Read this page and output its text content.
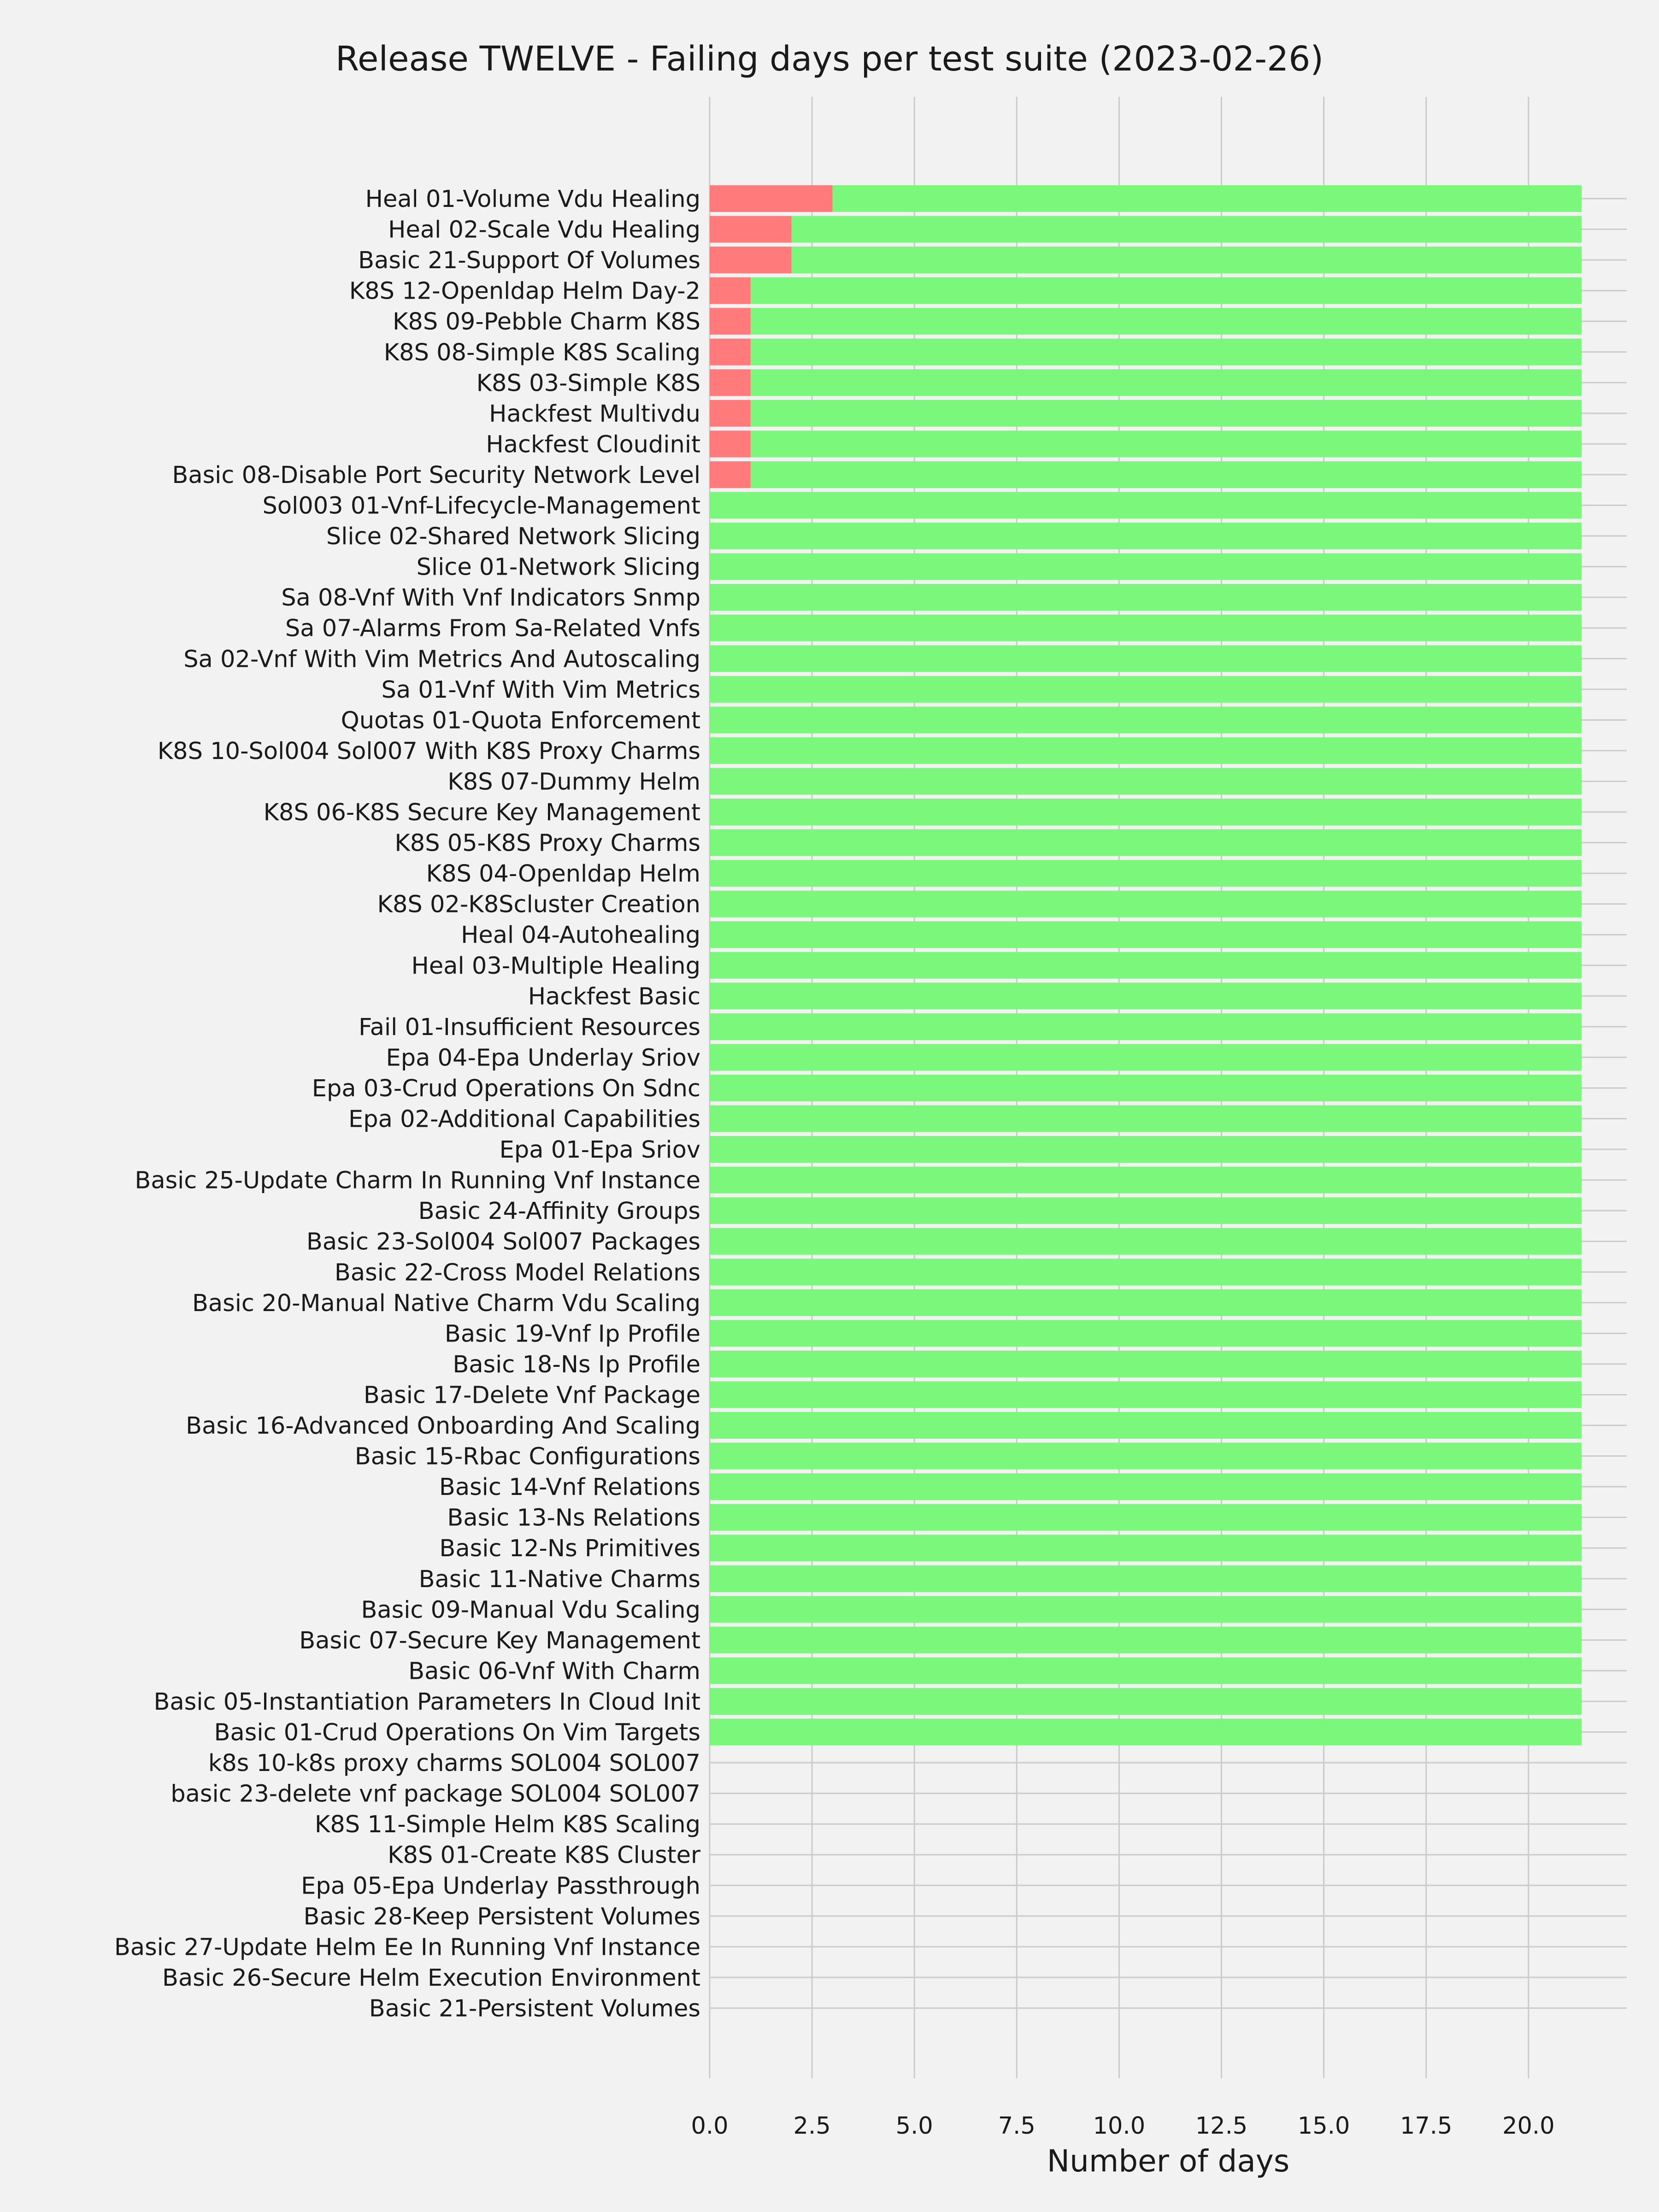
0.0	2.5	5.0	7.5 10.0 12.5 15.0 17.5 20.0
Heal 01-Volume Vdu Healing
Heal 02-Scale Vdu Healing
Basic 21-Support Of Volumes
K8S 12-Openldap Helm Day-2
K8S 09-Pebble Charm K8S
K8S 08-Simple K8S Scaling
K8S 03-Simple K8S
Hackfest Multivdu
Hackfest Cloudinit
Basic 08-Disable Port Security Network Level
Sol003 01-Vnf-Lifecycle-Management
Slice 02-Shared Network Slicing
Slice 01-Network Slicing
Sa 08-Vnf With Vnf Indicators Snmp
Sa 07-Alarms From Sa-Related Vnfs
Sa 02-Vnf With Vim Metrics And Autoscaling
Sa 01-Vnf With Vim Metrics
Quotas 01-Quota Enforcement
K8S 10-Sol004 Sol007 With K8S Proxy Charms
K8S 07-Dummy Helm
K8S 06-K8S Secure Key Management
K8S 05-K8S Proxy Charms
K8S 04-Openldap Helm
K8S 02-K8Scluster Creation
Heal 04-Autohealing
Heal 03-Multiple Healing
Hackfest Basic
Fail 01-Insufficient Resources
Epa 04-Epa Underlay Sriov
Epa 03-Crud Operations On Sdnc
Epa 02-Additional Capabilities
Epa 01-Epa Sriov
Basic 25-Update Charm In Running Vnf Instance
Basic 24-Affinity Groups
Basic 23-Sol004 Sol007 Packages
Basic 22-Cross Model Relations
Basic 20-Manual Native Charm Vdu Scaling
Basic 19-Vnf Ip Profile
Basic 18-Ns Ip Profile
Basic 17-Delete Vnf Package
Basic 16-Advanced Onboarding And Scaling
Basic 15-Rbac Configurations
Basic 14-Vnf Relations
Basic 13-Ns Relations
Basic 12-Ns Primitives
Basic 11-Native Charms
Basic 09-Manual Vdu Scaling
Basic 07-Secure Key Management
Basic 06-Vnf With Charm
Basic 05-Instantiation Parameters In Cloud Init
Basic 01-Crud Operations On Vim Targets
k8s 10-k8s proxy charms SOL004 SOL007
basic 23-delete vnf package SOL004 SOL007
K8S 11-Simple Helm K8S Scaling
K8S 01-Create K8S Cluster
Epa 05-Epa Underlay Passthrough
Basic 28-Keep Persistent Volumes
Basic 27-Update Helm Ee In Running Vnf Instance
Basic 26-Secure Helm Execution Environment
Basic 21-Persistent Volumes
Release TWELVE - Failing days per test suite (2023-02-26)
Number of days
